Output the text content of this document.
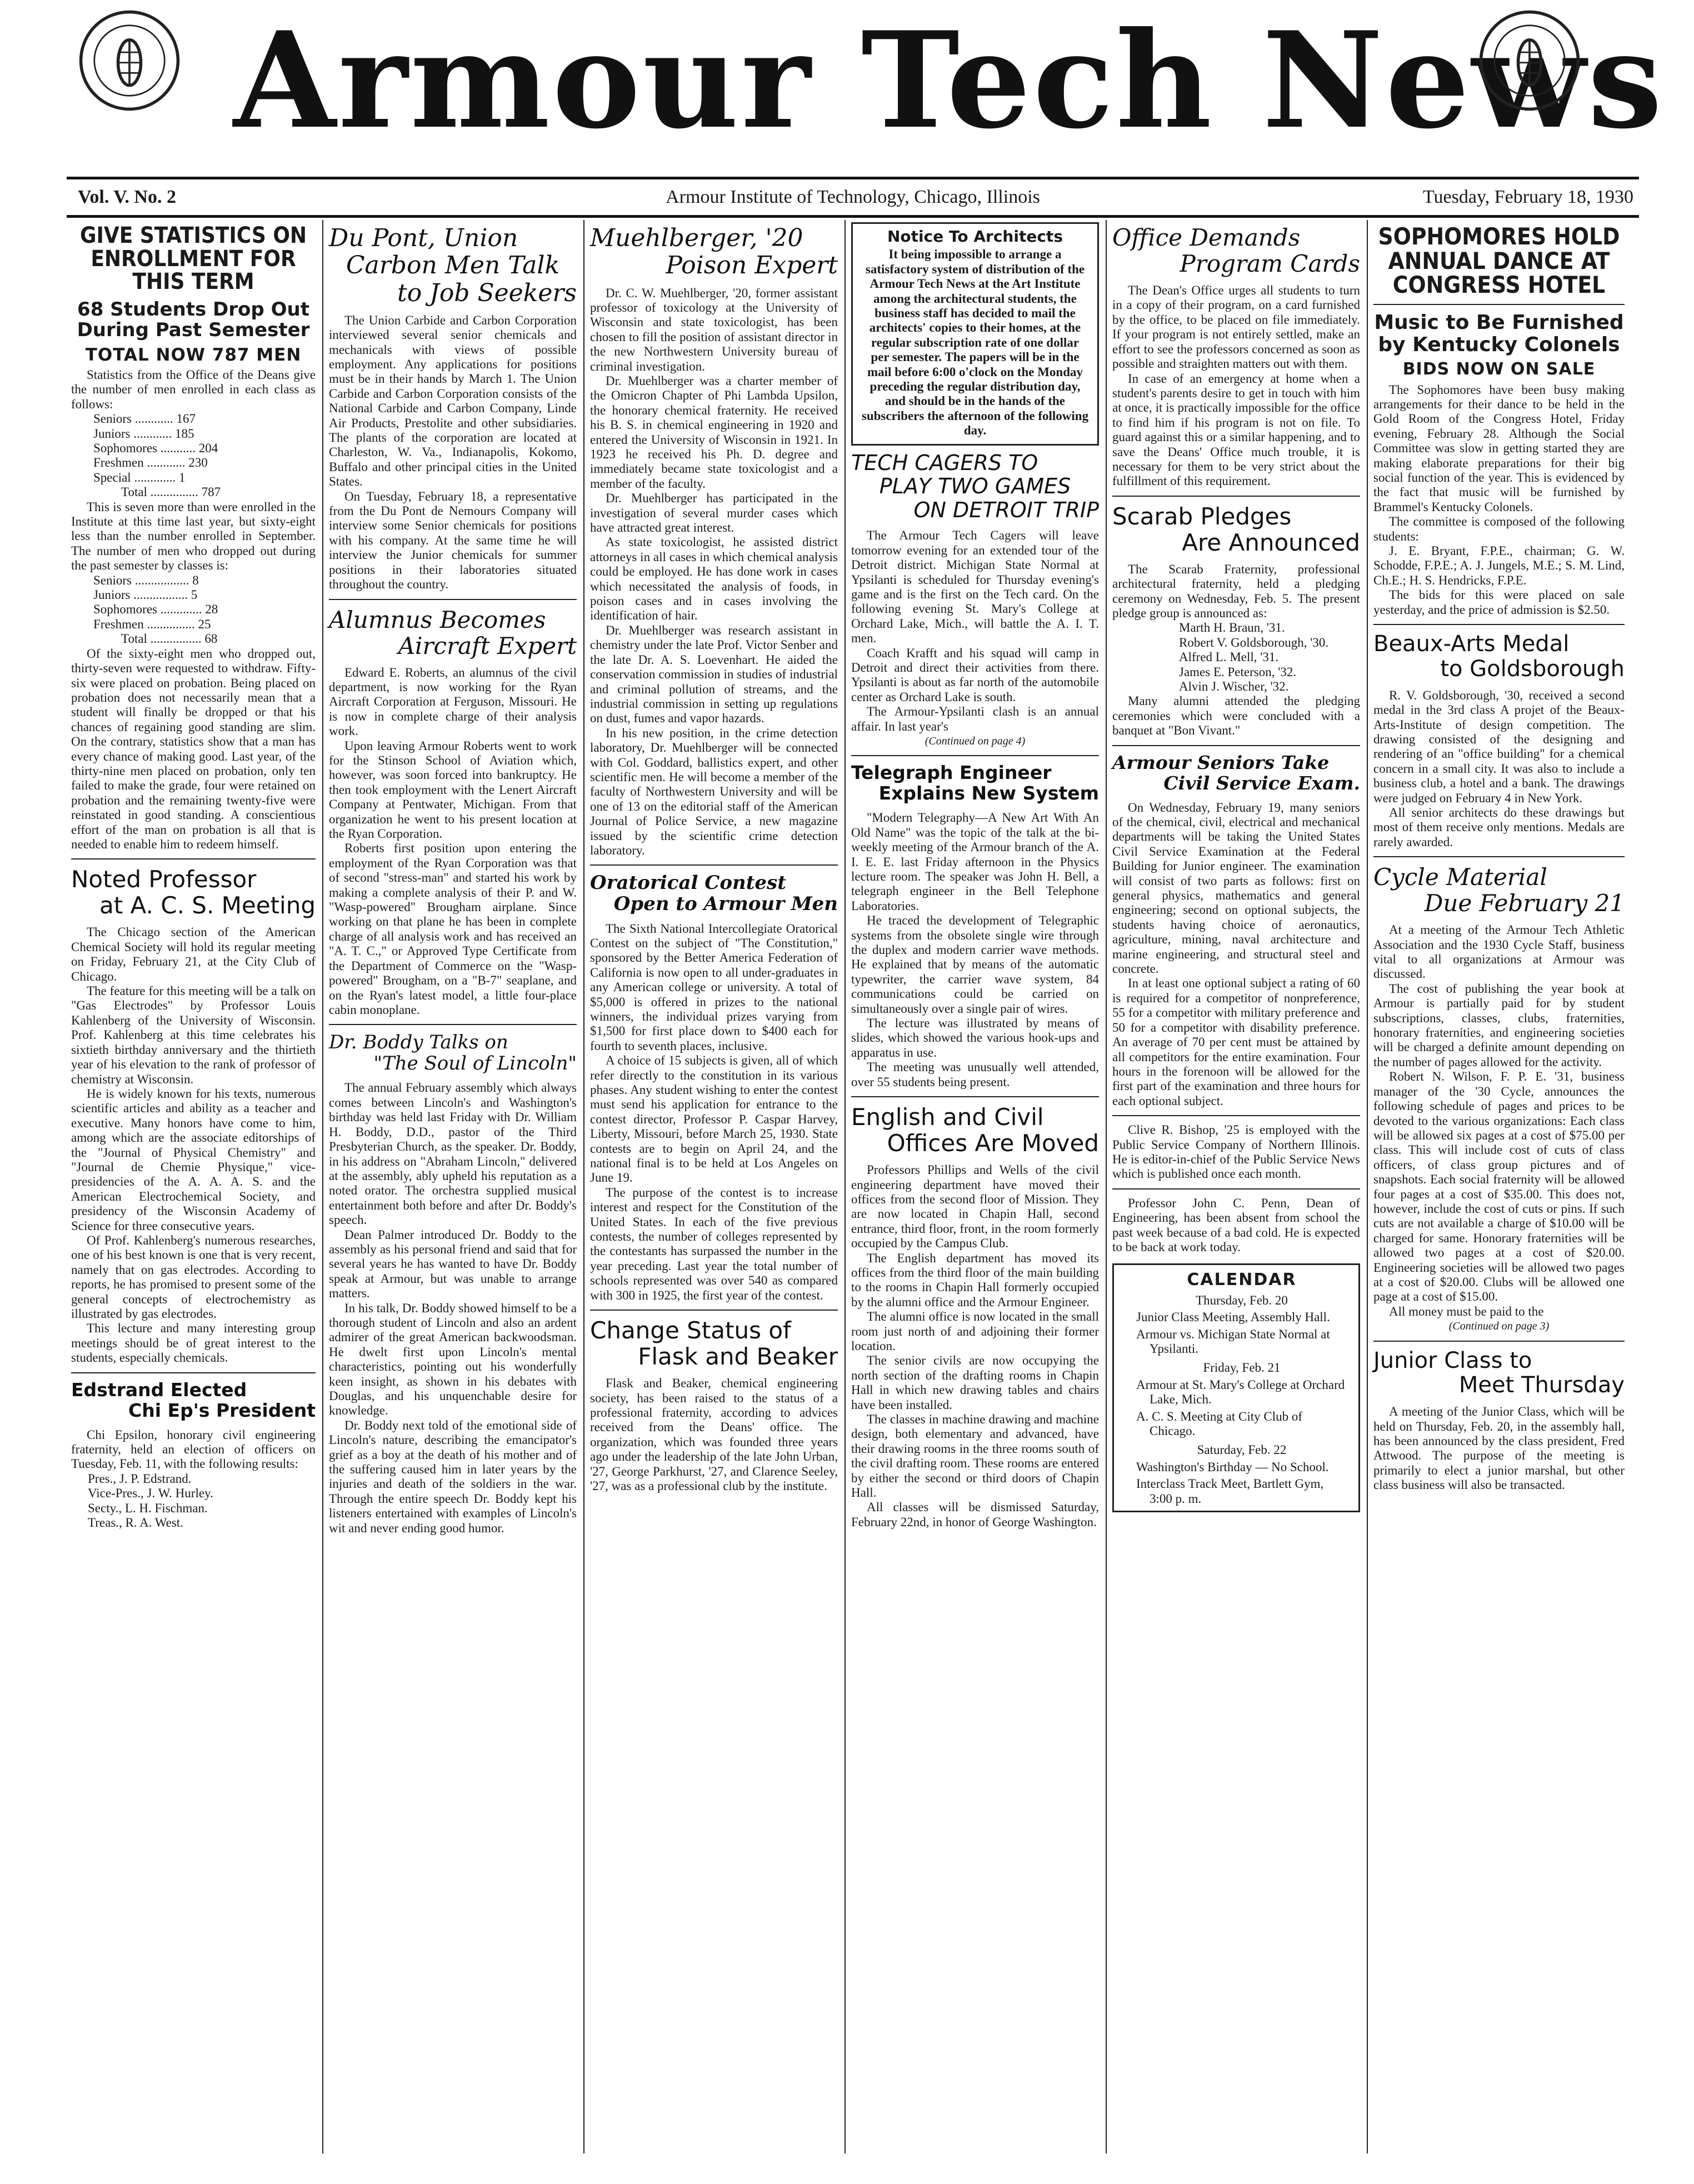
Armour Tech News
Vol. V. No. 2	Armour Institute of Technology, Chicago, Illinois	Tuesday, February 18, 1930
GIVE STATISTICS ON ENROLLMENT FOR THIS TERM
68 Students Drop Out During Past Semester
TOTAL NOW 787 MEN

Statistics from the Office of the Deans give the number of men enrolled in each class as follows:

Seniors ............ 167

Juniors ............ 185

Sophomores ........... 204

Freshmen ............ 230

Special ............. 1

Total ............... 787

This is seven more than were enrolled in the Institute at this time last year, but sixty-eight less than the number enrolled in September. The number of men who dropped out during the past semester by classes is:

Seniors ................. 8

Juniors ................. 5

Sophomores ............. 28

Freshmen ............... 25

Total ................ 68

Of the sixty-eight men who dropped out, thirty-seven were requested to withdraw. Fifty-six were placed on probation. Being placed on probation does not necessarily mean that a student will finally be dropped or that his chances of regaining good standing are slim. On the contrary, statistics show that a man has every chance of making good. Last year, of the thirty-nine men placed on probation, only ten failed to make the grade, four were retained on probation and the remaining twenty-five were reinstated in good standing. A conscientious effort of the man on probation is all that is needed to enable him to redeem himself.

Noted Professor
at A. C. S. Meeting

The Chicago section of the American Chemical Society will hold its regular meeting on Friday, February 21, at the City Club of Chicago.

The feature for this meeting will be a talk on "Gas Electrodes" by Professor Louis Kahlenberg of the University of Wisconsin. Prof. Kahlenberg at this time celebrates his sixtieth birthday anniversary and the thirtieth year of his elevation to the rank of professor of chemistry at Wisconsin.

He is widely known for his texts, numerous scientific articles and ability as a teacher and executive. Many honors have come to him, among which are the associate editorships of the "Journal of Physical Chemistry" and "Journal de Chemie Physique," vice-presidencies of the A. A. A. S. and the American Electrochemical Society, and presidency of the Wisconsin Academy of Science for three consecutive years.

Of Prof. Kahlenberg's numerous researches, one of his best known is one that is very recent, namely that on gas electrodes. According to reports, he has promised to present some of the general concepts of electrochemistry as illustrated by gas electrodes.

This lecture and many interesting group meetings should be of great interest to the students, especially chemicals.

Edstrand Elected
Chi Ep's President

Chi Epsilon, honorary civil engineering fraternity, held an election of officers on Tuesday, Feb. 11, with the following results:

Pres., J. P. Edstrand.

Vice-Pres., J. W. Hurley.

Secty., L. H. Fischman.

Treas., R. A. West.

Du Pont, Union
Carbon Men Talk
to Job Seekers

The Union Carbide and Carbon Corporation interviewed several senior chemicals and mechanicals with views of possible employment. Any applications for positions must be in their hands by March 1. The Union Carbide and Carbon Corporation consists of the National Carbide and Carbon Company, Linde Air Products, Prestolite and other subsidiaries. The plants of the corporation are located at Charleston, W. Va., Indianapolis, Kokomo, Buffalo and other principal cities in the United States.

On Tuesday, February 18, a representative from the Du Pont de Nemours Company will interview some Senior chemicals for positions with his company. At the same time he will interview the Junior chemicals for summer positions in their laboratories situated throughout the country.

Alumnus Becomes
Aircraft Expert

Edward E. Roberts, an alumnus of the civil department, is now working for the Ryan Aircraft Corporation at Ferguson, Missouri. He is now in complete charge of their analysis work.

Upon leaving Armour Roberts went to work for the Stinson School of Aviation which, however, was soon forced into bankruptcy. He then took employment with the Lenert Aircraft Company at Pentwater, Michigan. From that organization he went to his present location at the Ryan Corporation.

Roberts first position upon entering the employment of the Ryan Corporation was that of second "stress-man" and started his work by making a complete analysis of their P. and W. "Wasp-powered" Brougham airplane. Since working on that plane he has been in complete charge of all analysis work and has received an "A. T. C.," or Approved Type Certificate from the Department of Commerce on the "Wasp-powered" Brougham, on a "B-7" seaplane, and on the Ryan's latest model, a little four-place cabin monoplane.

Dr. Boddy Talks on
"The Soul of Lincoln"

The annual February assembly which always comes between Lincoln's and Washington's birthday was held last Friday with Dr. William H. Boddy, D.D., pastor of the Third Presbyterian Church, as the speaker. Dr. Boddy, in his address on "Abraham Lincoln," delivered at the assembly, ably upheld his reputation as a noted orator. The orchestra supplied musical entertainment both before and after Dr. Boddy's speech.

Dean Palmer introduced Dr. Boddy to the assembly as his personal friend and said that for several years he has wanted to have Dr. Boddy speak at Armour, but was unable to arrange matters.

In his talk, Dr. Boddy showed himself to be a thorough student of Lincoln and also an ardent admirer of the great American backwoodsman. He dwelt first upon Lincoln's mental characteristics, pointing out his wonderfully keen insight, as shown in his debates with Douglas, and his unquenchable desire for knowledge.

Dr. Boddy next told of the emotional side of Lincoln's nature, describing the emancipator's grief as a boy at the death of his mother and of the suffering caused him in later years by the injuries and death of the soldiers in the war. Through the entire speech Dr. Boddy kept his listeners entertained with examples of Lincoln's wit and never ending good humor.

Muehlberger, '20
Poison Expert

Dr. C. W. Muehlberger, '20, former assistant professor of toxicology at the University of Wisconsin and state toxicologist, has been chosen to fill the position of assistant director in the new Northwestern University bureau of criminal investigation.

Dr. Muehlberger was a charter member of the Omicron Chapter of Phi Lambda Upsilon, the honorary chemical fraternity. He received his B. S. in chemical engineering in 1920 and entered the University of Wisconsin in 1921. In 1923 he received his Ph. D. degree and immediately became state toxicologist and a member of the faculty.

Dr. Muehlberger has participated in the investigation of several murder cases which have attracted great interest.

As state toxicologist, he assisted district attorneys in all cases in which chemical analysis could be employed. He has done work in cases which necessitated the analysis of foods, in poison cases and in cases involving the identification of hair.

Dr. Muehlberger was research assistant in chemistry under the late Prof. Victor Senber and the late Dr. A. S. Loevenhart. He aided the conservation commission in studies of industrial and criminal pollution of streams, and the industrial commission in setting up regulations on dust, fumes and vapor hazards.

In his new position, in the crime detection laboratory, Dr. Muehlberger will be connected with Col. Goddard, ballistics expert, and other scientific men. He will become a member of the faculty of Northwestern University and will be one of 13 on the editorial staff of the American Journal of Police Service, a new magazine issued by the scientific crime detection laboratory.

Oratorical Contest
Open to Armour Men

The Sixth National Intercollegiate Oratorical Contest on the subject of "The Constitution," sponsored by the Better America Federation of California is now open to all under-graduates in any American college or university. A total of $5,000 is offered in prizes to the national winners, the individual prizes varying from $1,500 for first place down to $400 each for fourth to seventh places, inclusive.

A choice of 15 subjects is given, all of which refer directly to the constitution in its various phases. Any student wishing to enter the contest must send his application for entrance to the contest director, Professor P. Caspar Harvey, Liberty, Missouri, before March 25, 1930. State contests are to begin on April 24, and the national final is to be held at Los Angeles on June 19.

The purpose of the contest is to increase interest and respect for the Constitution of the United States. In each of the five previous contests, the number of colleges represented by the contestants has surpassed the number in the year preceding. Last year the total number of schools represented was over 540 as compared with 300 in 1925, the first year of the contest.

Change Status of
Flask and Beaker

Flask and Beaker, chemical engineering society, has been raised to the status of a professional fraternity, according to advices received from the Deans' office. The organization, which was founded three years ago under the leadership of the late John Urban, '27, George Parkhurst, '27, and Clarence Seeley, '27, was as a professional club by the institute.

Notice To Architects

It being impossible to arrange a satisfactory system of distribution of the Armour Tech News at the Art Institute among the architectural students, the business staff has decided to mail the architects' copies to their homes, at the regular subscription rate of one dollar per semester. The papers will be in the mail before 6:00 o'clock on the Monday preceding the regular distribution day, and should be in the hands of the subscribers the afternoon of the following day.

TECH CAGERS TO
PLAY TWO GAMES
ON DETROIT TRIP

The Armour Tech Cagers will leave tomorrow evening for an extended tour of the Detroit district. Michigan State Normal at Ypsilanti is scheduled for Thursday evening's game and is the first on the Tech card. On the following evening St. Mary's College at Orchard Lake, Mich., will battle the A. I. T. men.

Coach Krafft and his squad will camp in Detroit and direct their activities from there. Ypsilanti is about as far north of the automobile center as Orchard Lake is south.

The Armour-Ypsilanti clash is an annual affair. In last year's

(Continued on page 4)

Telegraph Engineer
Explains New System

"Modern Telegraphy—A New Art With An Old Name" was the topic of the talk at the bi-weekly meeting of the Armour branch of the A. I. E. E. last Friday afternoon in the Physics lecture room. The speaker was John H. Bell, a telegraph engineer in the Bell Telephone Laboratories.

He traced the development of Telegraphic systems from the obsolete single wire through the duplex and modern carrier wave methods. He explained that by means of the automatic typewriter, the carrier wave system, 84 communications could be carried on simultaneously over a single pair of wires.

The lecture was illustrated by means of slides, which showed the various hook-ups and apparatus in use.

The meeting was unusually well attended, over 55 students being present.

English and Civil
Offices Are Moved

Professors Phillips and Wells of the civil engineering department have moved their offices from the second floor of Mission. They are now located in Chapin Hall, second entrance, third floor, front, in the room formerly occupied by the Campus Club.

The English department has moved its offices from the third floor of the main building to the rooms in Chapin Hall formerly occupied by the alumni office and the Armour Engineer.

The alumni office is now located in the small room just north of and adjoining their former location.

The senior civils are now occupying the north section of the drafting rooms in Chapin Hall in which new drawing tables and chairs have been installed.

The classes in machine drawing and machine design, both elementary and advanced, have their drawing rooms in the three rooms south of the civil drafting room. These rooms are entered by either the second or third doors of Chapin Hall.

All classes will be dismissed Saturday, February 22nd, in honor of George Washington.

Office Demands
Program Cards

The Dean's Office urges all students to turn in a copy of their program, on a card furnished by the office, to be placed on file immediately. If your program is not entirely settled, make an effort to see the professors concerned as soon as possible and straighten matters out with them.

In case of an emergency at home when a student's parents desire to get in touch with him at once, it is practically impossible for the office to find him if his program is not on file. To guard against this or a similar happening, and to save the Deans' Office much trouble, it is necessary for them to be very strict about the fulfillment of this requirement.

Scarab Pledges
Are Announced

The Scarab Fraternity, professional architectural fraternity, held a pledging ceremony on Wednesday, Feb. 5. The present pledge group is announced as:

Marth H. Braun, '31.

Robert V. Goldsborough, '30.

Alfred L. Mell, '31.

James E. Peterson, '32.

Alvin J. Wischer, '32.

Many alumni attended the pledging ceremonies which were concluded with a banquet at "Bon Vivant."

Armour Seniors Take
Civil Service Exam.

On Wednesday, February 19, many seniors of the chemical, civil, electrical and mechanical departments will be taking the United States Civil Service Examination at the Federal Building for Junior engineer. The examination will consist of two parts as follows: first on general physics, mathematics and general engineering; second on optional subjects, the students having choice of aeronautics, agriculture, mining, naval architecture and marine engineering, and structural steel and concrete.

In at least one optional subject a rating of 60 is required for a competitor of nonpreference, 55 for a competitor with military preference and 50 for a competitor with disability preference. An average of 70 per cent must be attained by all competitors for the entire examination. Four hours in the forenoon will be allowed for the first part of the examination and three hours for each optional subject.

Clive R. Bishop, '25 is employed with the Public Service Company of Northern Illinois. He is editor-in-chief of the Public Service News which is published once each month.

Professor John C. Penn, Dean of Engineering, has been absent from school the past week because of a bad cold. He is expected to be back at work today.

CALENDAR

Thursday, Feb. 20

Junior Class Meeting, Assembly Hall.

Armour vs. Michigan State Normal at Ypsilanti.

Friday, Feb. 21

Armour at St. Mary's College at Orchard Lake, Mich.

A. C. S. Meeting at City Club of Chicago.

Saturday, Feb. 22

Washington's Birthday — No School.

Interclass Track Meet, Bartlett Gym, 3:00 p. m.

SOPHOMORES HOLD ANNUAL DANCE AT CONGRESS HOTEL
Music to Be Furnished by Kentucky Colonels
BIDS NOW ON SALE

The Sophomores have been busy making arrangements for their dance to be held in the Gold Room of the Congress Hotel, Friday evening, February 28. Although the Social Committee was slow in getting started they are making elaborate preparations for their big social function of the year. This is evidenced by the fact that music will be furnished by Brammel's Kentucky Colonels.

The committee is composed of the following students:

J. E. Bryant, F.P.E., chairman; G. W. Schodde, F.P.E.; A. J. Jungels, M.E.; S. M. Lind, Ch.E.; H. S. Hendricks, F.P.E.

The bids for this were placed on sale yesterday, and the price of admission is $2.50.

Beaux-Arts Medal
to Goldsborough

R. V. Goldsborough, '30, received a second medal in the 3rd class A projet of the Beaux-Arts-Institute of design competition. The drawing consisted of the designing and rendering of an "office building" for a chemical concern in a small city. It was also to include a business club, a hotel and a bank. The drawings were judged on February 4 in New York.

All senior architects do these drawings but most of them receive only mentions. Medals are rarely awarded.

Cycle Material
Due February 21

At a meeting of the Armour Tech Athletic Association and the 1930 Cycle Staff, business vital to all organizations at Armour was discussed.

The cost of publishing the year book at Armour is partially paid for by student subscriptions, classes, clubs, fraternities, honorary fraternities, and engineering societies will be charged a definite amount depending on the number of pages allowed for the activity.

Robert N. Wilson, F. P. E. '31, business manager of the '30 Cycle, announces the following schedule of pages and prices to be devoted to the various organizations: Each class will be allowed six pages at a cost of $75.00 per class. This will include cost of cuts of class officers, of class group pictures and of snapshots. Each social fraternity will be allowed four pages at a cost of $35.00. This does not, however, include the cost of cuts or pins. If such cuts are not available a charge of $10.00 will be charged for same. Honorary fraternities will be allowed two pages at a cost of $20.00. Engineering societies will be allowed two pages at a cost of $20.00. Clubs will be allowed one page at a cost of $15.00.

All money must be paid to the

(Continued on page 3)

Junior Class to
Meet Thursday

A meeting of the Junior Class, which will be held on Thursday, Feb. 20, in the assembly hall, has been announced by the class president, Fred Attwood. The purpose of the meeting is primarily to elect a junior marshal, but other class business will also be transacted.
